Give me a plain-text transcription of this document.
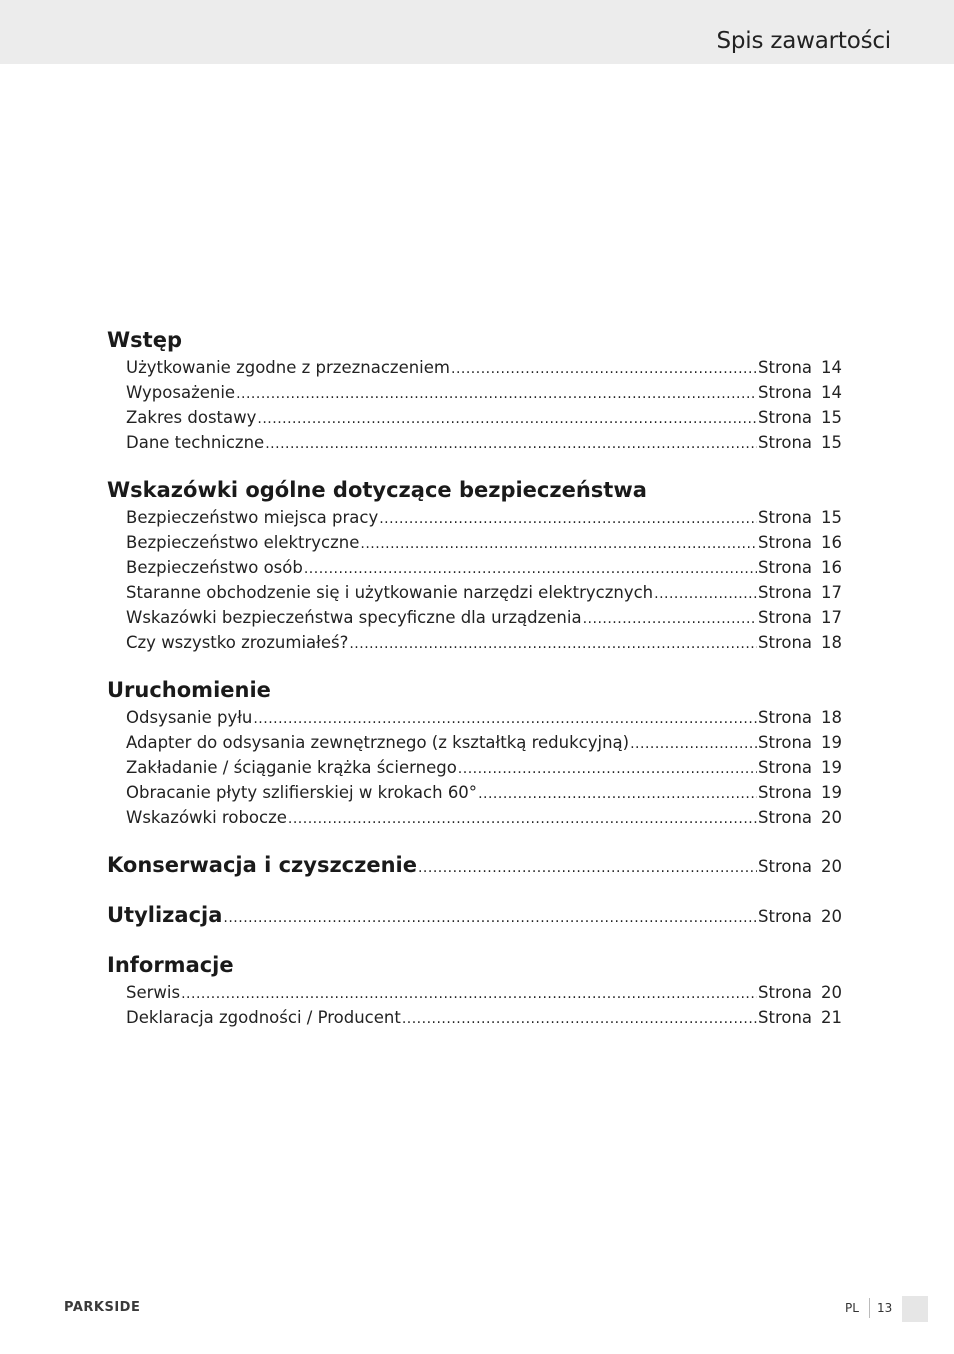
Spis zawartości
Wstęp
Użytkowanie zgodne z przeznaczeniem .....	Strona 14
Wyposażenie .....	Strona 14
Zakres dostawy .....	Strona 15
Dane techniczne .....	Strona 15
Wskazówki ogólne dotyczące bezpieczeństwa
Bezpieczeństwo miejsca pracy .....	Strona 15
Bezpieczeństwo elektryczne .....	Strona 16
Bezpieczeństwo osób .....	Strona 16
Staranne obchodzenie się i użytkowanie narzędzi elektrycznych .....	Strona 17
Wskazówki bezpieczeństwa specyficzne dla urządzenia .....	Strona 17
Czy wszystko zrozumiałeś? .....	Strona 18
Uruchomienie
Odsysanie pyłu .....	Strona 18
Adapter do odsysania zewnętrznego (z kształtką redukcyjną) .....	Strona 19
Zakładanie / ściąganie krążka ściernego .....	Strona 19
Obracanie płyty szlifierskiej w krokach 60° .....	Strona 19
Wskazówki robocze .....	Strona 20
Konserwacja i czyszczenie .....	Strona 20
Utylizacja .....	Strona 20
Informacje
Serwis .....	Strona 20
Deklaracja zgodności / Producent .....	Strona 21
PARKSIDE	PL 13
